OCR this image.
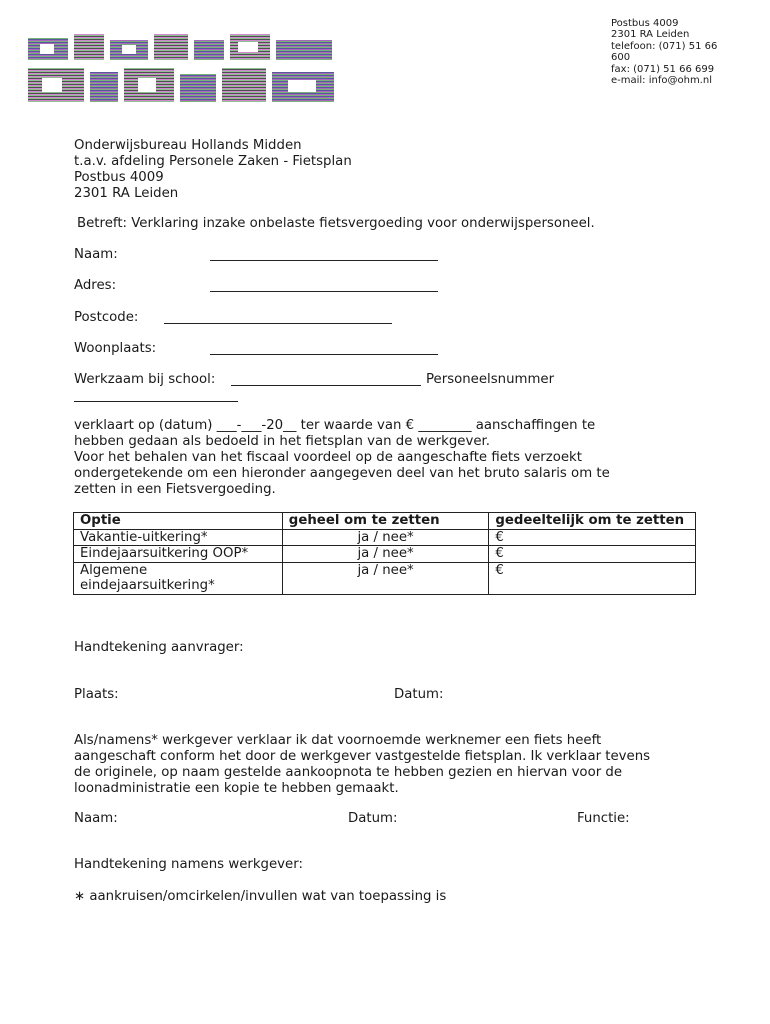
Postbus 4009
2301 RA Leiden
telefoon: (071) 51 66
600
fax: (071) 51 66 699
e-mail: info@ohm.nl
Onderwijsbureau Hollands Midden
t.a.v. afdeling Personele Zaken - Fietsplan
Postbus 4009
2301 RA Leiden
Betreft: Verklaring inzake onbelaste fietsvergoeding voor onderwijspersoneel.
Naam:
Adres:
Postcode:
Woonplaats:
Werkzaam bij school:	Personeelsnummer
verklaart op (datum) ___-___-20__ ter waarde van € ________ aanschaffingen te
hebben gedaan als bedoeld in het fietsplan van de werkgever.
Voor het behalen van het fiscaal voordeel op de aangeschafte fiets verzoekt
ondergetekende om een hieronder aangegeven deel van het bruto salaris om te
zetten in een Fietsvergoeding.
Optie	geheel om te zetten	gedeeltelijk om te zetten
Vakantie-uitkering*	ja / nee*	€
Eindejaarsuitkering OOP*	ja / nee*	€
Algemene eindejaarsuitkering*	ja / nee*	€
Handtekening aanvrager:
Plaats:	Datum:
Als/namens* werkgever verklaar ik dat voornoemde werknemer een fiets heeft
aangeschaft conform het door de werkgever vastgestelde fietsplan. Ik verklaar tevens
de originele, op naam gestelde aankoopnota te hebben gezien en hiervan voor de
loonadministratie een kopie te hebben gemaakt.
Naam:	Datum:	Functie:
Handtekening namens werkgever:
∗ aankruisen/omcirkelen/invullen wat van toepassing is
